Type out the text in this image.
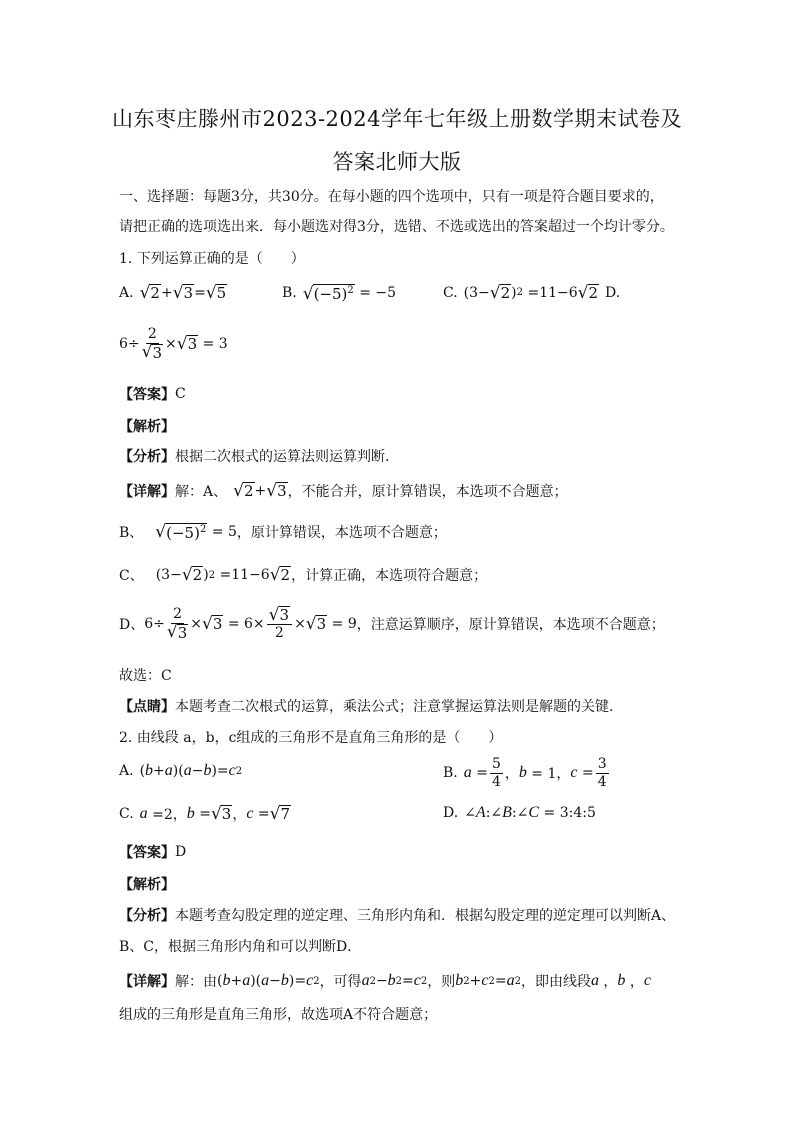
山东枣庄滕州市2023-2024学年七年级上册数学期末试卷及
答案北师大版
一、选择题：每题3分，共30分。在每小题的四个选项中，只有一项是符合题目要求的，
请把正确的选项选出来．每小题选对得3分，选错、不选或选出的答案超过一个均计零分。
1. 下列运算正确的是（　　）
A. √ 2 + √ 3 = √ 5	B. √ $(-5)^2 = -5$	C. (3− √ 2 ) 2 =11−6 √ 2 D.
$6\div \frac{2}{√ 3}$ × √ 3 = 3
【答案】 C
【解析】
【分析】 根据二次根式的运算法则运算判断．
【详解】 解：A、 √ 2 + √ 3 ，不能合并，原计算错误，本选项不合题意；
B、 √ $(-5)^2 = 5$ ，原计算错误，本选项不合题意；
C、 (3− √ 2 ) 2 =11−6 √ 2 ，计算正确，本选项符合题意；
D、 $6\div \frac{2}{√ 3}$ × √ $3 = 6\times \frac{√ 3}{2}$ × √ 3 = 9 ，注意运算顺序，原计算错误，本选项不合题意；
故选：C
【点睛】 本题考查二次根式的运算，乘法公式；注意掌握运算法则是解题的关键．
2. 由线段 a，b，c组成的三角形不是直角三角形的是（　　）
A. ( b + a )( a − b )= c 2	B. $a = \frac{5}{4}$ ， b = 1， $c = \frac{3}{4}$
C. a =2， b = √ 3 ， c = √ 7	D. ∠ A :∠ B :∠ C = 3:4:5
【答案】 D
【解析】
【分析】 本题考查勾股定理的逆定理、三角形内角和．根据勾股定理的逆定理可以判断A、
B、C，根据三角形内角和可以判断D．
【详解】 解：由 ( b + a )( a − b )= c 2 ，可得 a 2 − b 2 = c 2 ，则 b 2 + c 2 = a 2 ，即由线段 a ， b ， c
组成的三角形是直角三角形，故选项A不符合题意；
